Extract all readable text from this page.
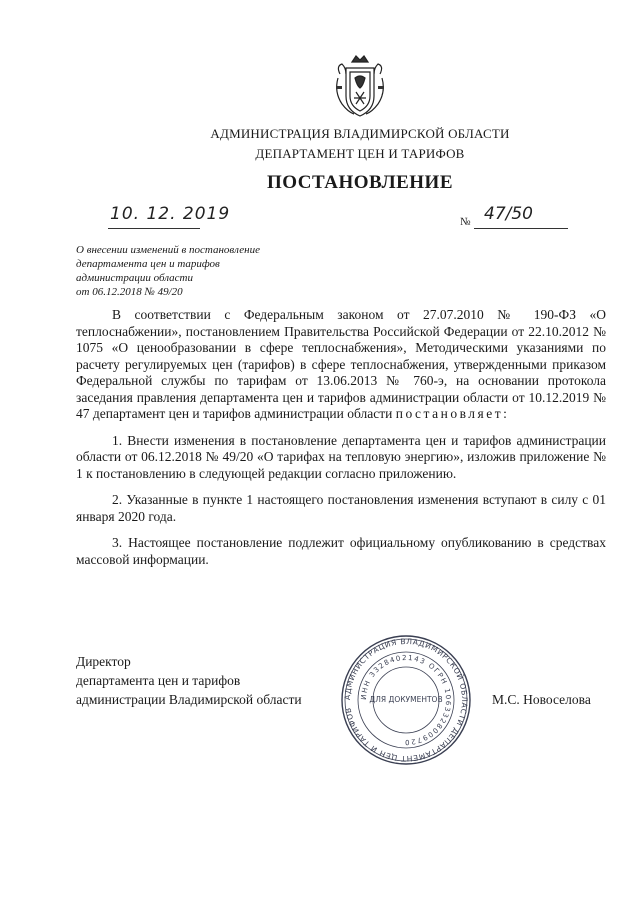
АДМИНИСТРАЦИЯ ВЛАДИМИРСКОЙ ОБЛАСТИ
ДЕПАРТАМЕНТ ЦЕН И ТАРИФОВ
ПОСТАНОВЛЕНИЕ
10. 12. 2019	№ 47/50
О внесении изменений в постановление
департамента цен и тарифов
администрации области
от 06.12.2018 № 49/20

В соответствии с Федеральным законом от 27.07.2010 № 190-ФЗ «О теплоснабжении», постановлением Правительства Российской Федерации от 22.10.2012 № 1075 «О ценообразовании в сфере теплоснабжения», Методическими указаниями по расчету регулируемых цен (тарифов) в сфере теплоснабжения, утвержденными приказом Федеральной службы по тарифам от 13.06.2013 № 760-э, на основании протокола заседания правления департамента цен и тарифов администрации области от 10.12.2019 № 47 департамент цен и тарифов администрации области постановляет:

1. Внести изменения в постановление департамента цен и тарифов администрации области от 06.12.2018 № 49/20 «О тарифах на тепловую энергию», изложив приложение № 1 к постановлению в следующей редакции согласно приложению.

2. Указанные в пункте 1 настоящего постановления изменения вступают в силу с 01 января 2020 года.

3. Настоящее постановление подлежит официальному опубликованию в средствах массовой информации.

Директор
департамента цен и тарифов
администрации Владимирской области	АДМИНИСТРАЦИЯ ВЛАДИМИРСКОЙ ОБЛАСТИ ДЕПАРТАМЕНТ ЦЕН И ТАРИФОВ
ИНН 3328402143 ОГРН 1063328009720
ДЛЯ ДОКУМЕНТОВ	М.С. Новоселова
